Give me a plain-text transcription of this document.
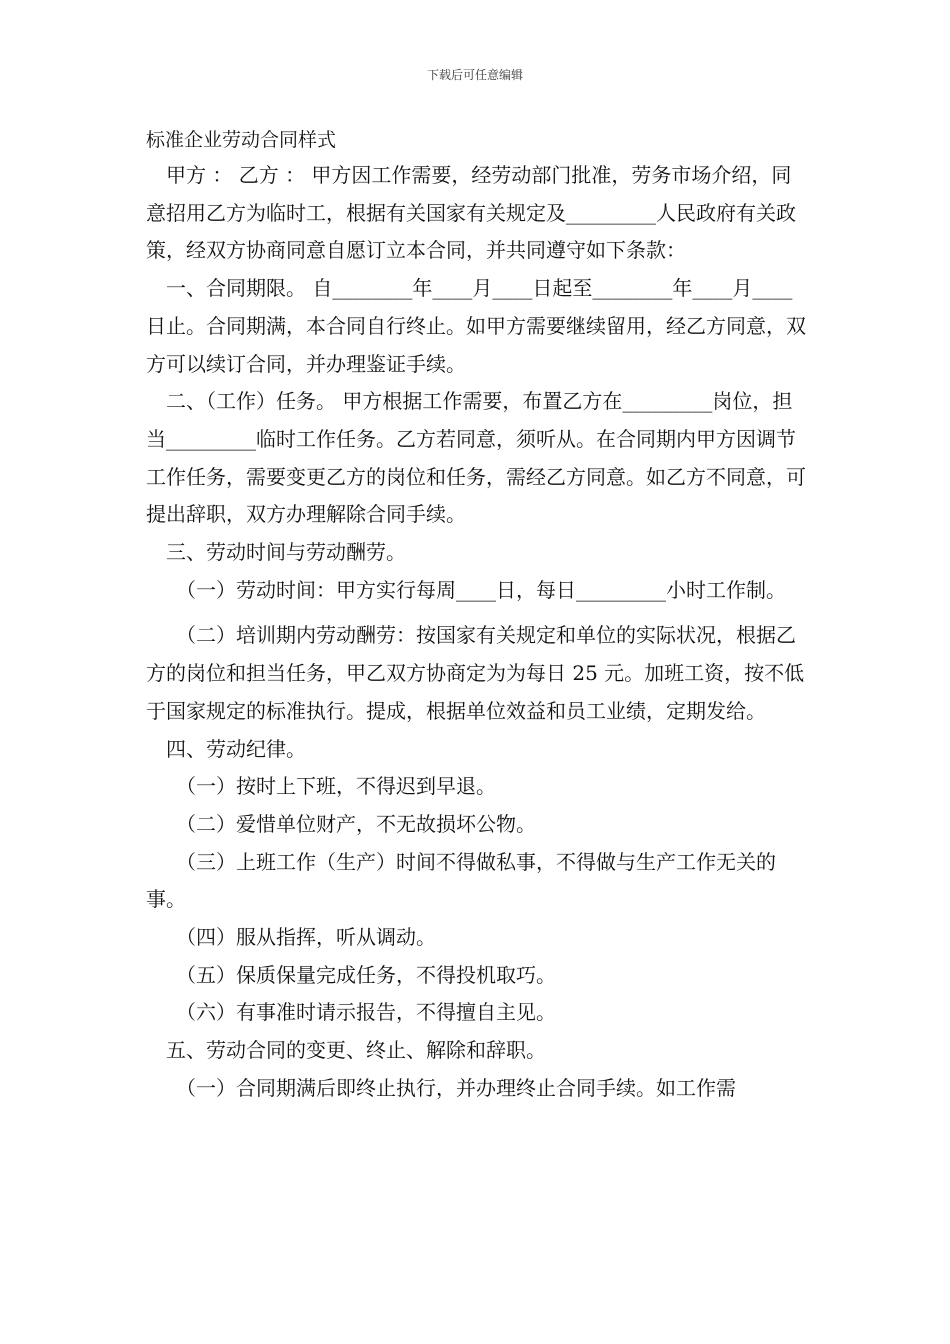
下载后可任意编辑
标准企业劳动合同样式

甲方 ： 乙方 ： 甲方因工作需要，经劳动部门批准，劳务市场介绍，同意招用乙方为临时工，根据有关国家有关规定及_________人民政府有关政策，经双方协商同意自愿订立本合同，并共同遵守如下条款：

一、合同期限。 自________年____月____日起至________年____月____日止。合同期满，本合同自行终止。如甲方需要继续留用，经乙方同意，双方可以续订合同，并办理鉴证手续。

二、（工作）任务。 甲方根据工作需要，布置乙方在_________岗位，担当_________临时工作任务。乙方若同意，须听从。在合同期内甲方因调节工作任务，需要变更乙方的岗位和任务，需经乙方同意。如乙方不同意，可提出辞职，双方办理解除合同手续。

三、劳动时间与劳动酬劳。

（一）劳动时间：甲方实行每周____日，每日_________小时工作制。

（二）培训期内劳动酬劳：按国家有关规定和单位的实际状况，根据乙方的岗位和担当任务，甲乙双方协商定为为每日 25 元。加班工资，按不低于国家规定的标准执行。提成，根据单位效益和员工业绩，定期发给。

四、劳动纪律。

（一）按时上下班，不得迟到早退。

（二）爱惜单位财产，不无故损坏公物。

（三）上班工作（生产）时间不得做私事，不得做与生产工作无关的事。

（四）服从指挥，听从调动。

（五）保质保量完成任务，不得投机取巧。

（六）有事准时请示报告，不得擅自主见。

五、劳动合同的变更、终止、解除和辞职。

（一）合同期满后即终止执行，并办理终止合同手续。如工作需
